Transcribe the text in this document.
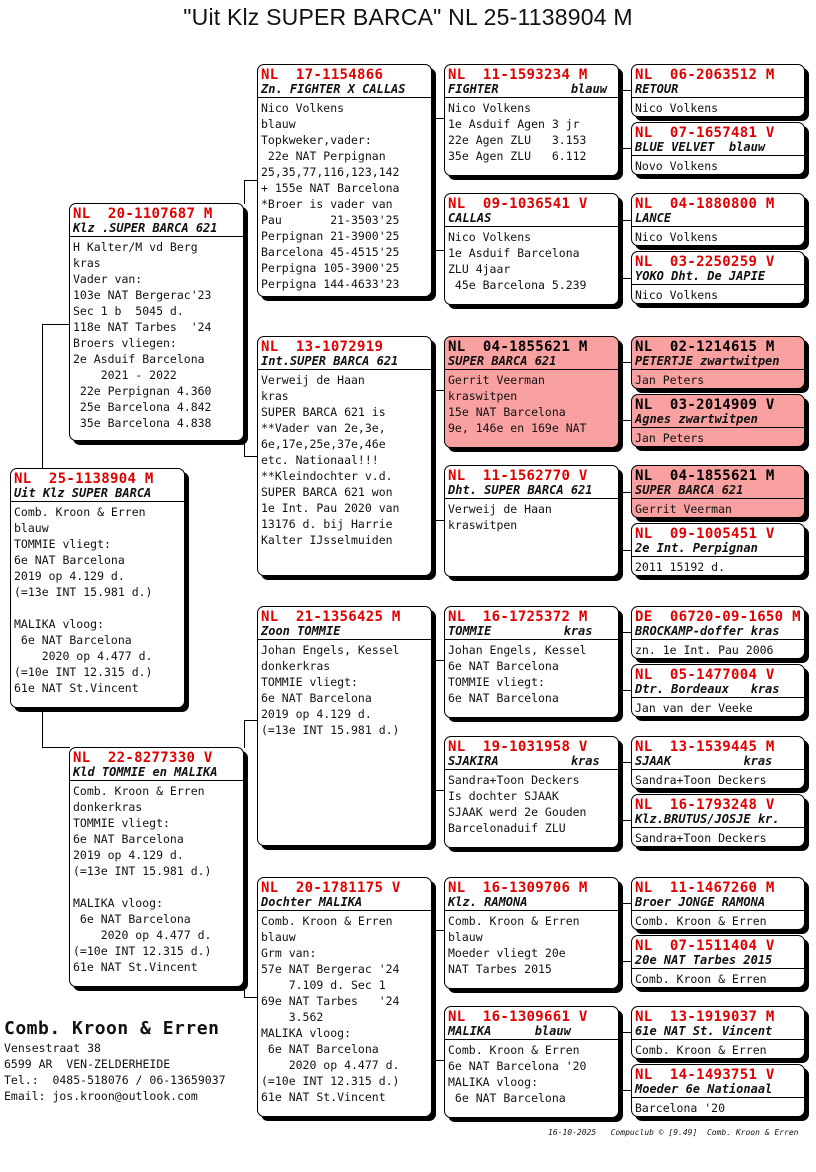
"Uit Klz SUPER BARCA" NL 25-1138904 M
NL  25-1138904 M
Uit Klz SUPER BARCA
Comb. Kroon & Erren
blauw
TOMMIE vliegt:
6e NAT Barcelona
2019 op 4.129 d.
(=13e INT 15.981 d.)
MALIKA vloog:
6e NAT Barcelona
2020 op 4.477 d.
(=10e INT 12.315 d.)
61e NAT St.Vincent
NL  20-1107687 M
Klz .SUPER BARCA 621
H Kalter/M vd Berg
kras
Vader van:
103e NAT Bergerac'23
Sec 1 b  5045 d.
118e NAT Tarbes  '24
Broers vliegen:
2e Asduif Barcelona
2021 - 2022
22e Perpignan 4.360
25e Barcelona 4.842
35e Barcelona 4.838
NL  22-8277330 V
Kld TOMMIE en MALIKA
Comb. Kroon & Erren
donkerkras
TOMMIE vliegt:
6e NAT Barcelona
2019 op 4.129 d.
(=13e INT 15.981 d.)
MALIKA vloog:
6e NAT Barcelona
2020 op 4.477 d.
(=10e INT 12.315 d.)
61e NAT St.Vincent
NL  17-1154866
Zn. FIGHTER X CALLAS
Nico Volkens
blauw
Topkweker,vader:
22e NAT Perpignan
25,35,77,116,123,142
+ 155e NAT Barcelona
*Broer is vader van
Pau       21-3503'25
Perpignan 21-3900'25
Barcelona 45-4515'25
Perpigna 105-3900'25
Perpigna 144-4633'23
NL  13-1072919
Int.SUPER BARCA 621
Verweij de Haan
kras
SUPER BARCA 621 is
**Vader van 2e,3e,
6e,17e,25e,37e,46e
etc. Nationaal!!!
**Kleindochter v.d.
SUPER BARCA 621 won
1e Int. Pau 2020 van
13176 d. bij Harrie
Kalter IJsselmuiden
NL  21-1356425 M
Zoon TOMMIE
Johan Engels, Kessel
donkerkras
TOMMIE vliegt:
6e NAT Barcelona
2019 op 4.129 d.
(=13e INT 15.981 d.)
NL  20-1781175 V
Dochter MALIKA
Comb. Kroon & Erren
blauw
Grm van:
57e NAT Bergerac '24
7.109 d. Sec 1
69e NAT Tarbes   '24
3.562
MALIKA vloog:
6e NAT Barcelona
2020 op 4.477 d.
(=10e INT 12.315 d.)
61e NAT St.Vincent
NL  11-1593234 M
FIGHTER          blauw
Nico Volkens
1e Asduif Agen 3 jr
22e Agen ZLU   3.153
35e Agen ZLU   6.112
NL  09-1036541 V
CALLAS
Nico Volkens
1e Asduif Barcelona
ZLU 4jaar
45e Barcelona 5.239
NL  04-1855621 M
SUPER BARCA 621
Gerrit Veerman
kraswitpen
15e NAT Barcelona
9e, 146e en 169e NAT
NL  11-1562770 V
Dht. SUPER BARCA 621
Verweij de Haan
kraswitpen
NL  16-1725372 M
TOMMIE          kras
Johan Engels, Kessel
6e NAT Barcelona
TOMMIE vliegt:
6e NAT Barcelona
NL  19-1031958 V
SJAKIRA          kras
Sandra+Toon Deckers
Is dochter SJAAK
SJAAK werd 2e Gouden
Barcelonaduif ZLU
NL  16-1309706 M
Klz. RAMONA
Comb. Kroon & Erren
blauw
Moeder vliegt 20e
NAT Tarbes 2015
NL  16-1309661 V
MALIKA      blauw
Comb. Kroon & Erren
6e NAT Barcelona '20
MALIKA vloog:
6e NAT Barcelona
NL  06-2063512 M
RETOUR
Nico Volkens
NL  07-1657481 V
BLUE VELVET  blauw
Novo Volkens
NL  04-1880800 M
LANCE
Nico Volkens
NL  03-2250259 V
YOKO Dht. De JAPIE
Nico Volkens
NL  02-1214615 M
PETERTJE zwartwitpen
Jan Peters
NL  03-2014909 V
Agnes zwartwitpen
Jan Peters
NL  04-1855621 M
SUPER BARCA 621
Gerrit Veerman
NL  09-1005451 V
2e Int. Perpignan
2011 15192 d.
DE  06720-09-1650 M
BROCKAMP-doffer kras
zn. 1e Int. Pau 2006
NL  05-1477004 V
Dtr. Bordeaux   kras
Jan van der Veeke
NL  13-1539445 M
SJAAK          kras
Sandra+Toon Deckers
NL  16-1793248 V
Klz.BRUTUS/JOSJE kr.
Sandra+Toon Deckers
NL  11-1467260 M
Broer JONGE RAMONA
Comb. Kroon & Erren
NL  07-1511404 V
20e NAT Tarbes 2015
Comb. Kroon & Erren
NL  13-1919037 M
61e NAT St. Vincent
Comb. Kroon & Erren
NL  14-1493751 V
Moeder 6e Nationaal
Barcelona '20
Comb. Kroon & Erren
Vensestraat 38
6599 AR  VEN-ZELDERHEIDE
Tel.:  0485-518076 / 06-13659037
Email: jos.kroon@outlook.com
16-10-2025   Compuclub © [9.49]  Comb. Kroon & Erren
